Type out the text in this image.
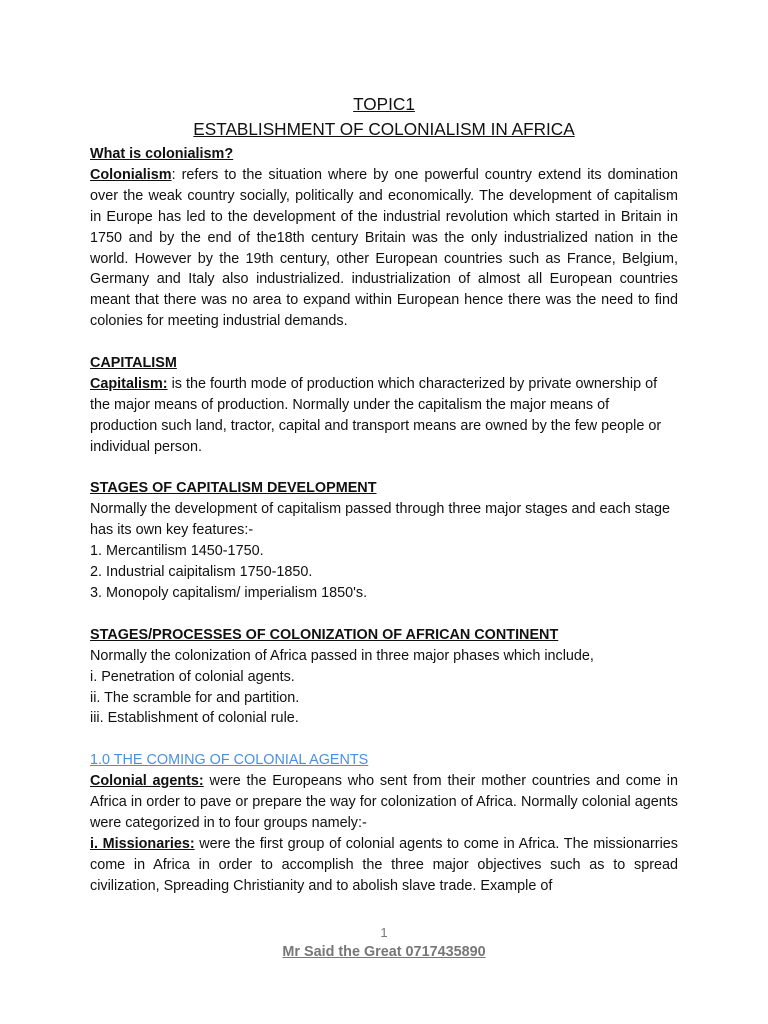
TOPIC1
ESTABLISHMENT OF COLONIALISM IN AFRICA
What is colonialism?
Colonialism: refers to the situation where by one powerful country extend its domination over the weak country socially, politically and economically. The development of capitalism in Europe has led to the development of the industrial revolution which started in Britain in 1750 and by the end of the18th century Britain was the only industrialized nation in the world. However by the 19th century, other European countries such as France, Belgium, Germany and Italy also industrialized. industrialization of almost all European countries meant that there was no area to expand within European hence there was the need to find colonies for meeting industrial demands.
CAPITALISM
Capitalism: is the fourth mode of production which characterized by private ownership of the major means of production. Normally under the capitalism the major means of production such land, tractor, capital and transport means are owned by the few people or individual person.
STAGES OF CAPITALISM DEVELOPMENT
Normally the development of capitalism passed through three major stages and each stage has its own key features:-
1. Mercantilism 1450-1750.
2. Industrial caipitalism 1750-1850.
3. Monopoly capitalism/ imperialism 1850's.
STAGES/PROCESSES OF COLONIZATION OF AFRICAN CONTINENT
Normally the colonization of Africa passed in three major phases which include,
i. Penetration of colonial agents.
ii. The scramble for and partition.
iii. Establishment of colonial rule.
1.0 THE COMING OF COLONIAL AGENTS
Colonial agents: were the Europeans who sent from their mother countries and come in Africa in order to pave or prepare the way for colonization of Africa. Normally colonial agents were categorized in to four groups namely:-
i. Missionaries: were the first group of colonial agents to come in Africa. The missionarries come in Africa in order to accomplish the three major objectives such as to spread civilization, Spreading Christianity and to abolish slave trade. Example of
1
Mr Said the Great 0717435890
